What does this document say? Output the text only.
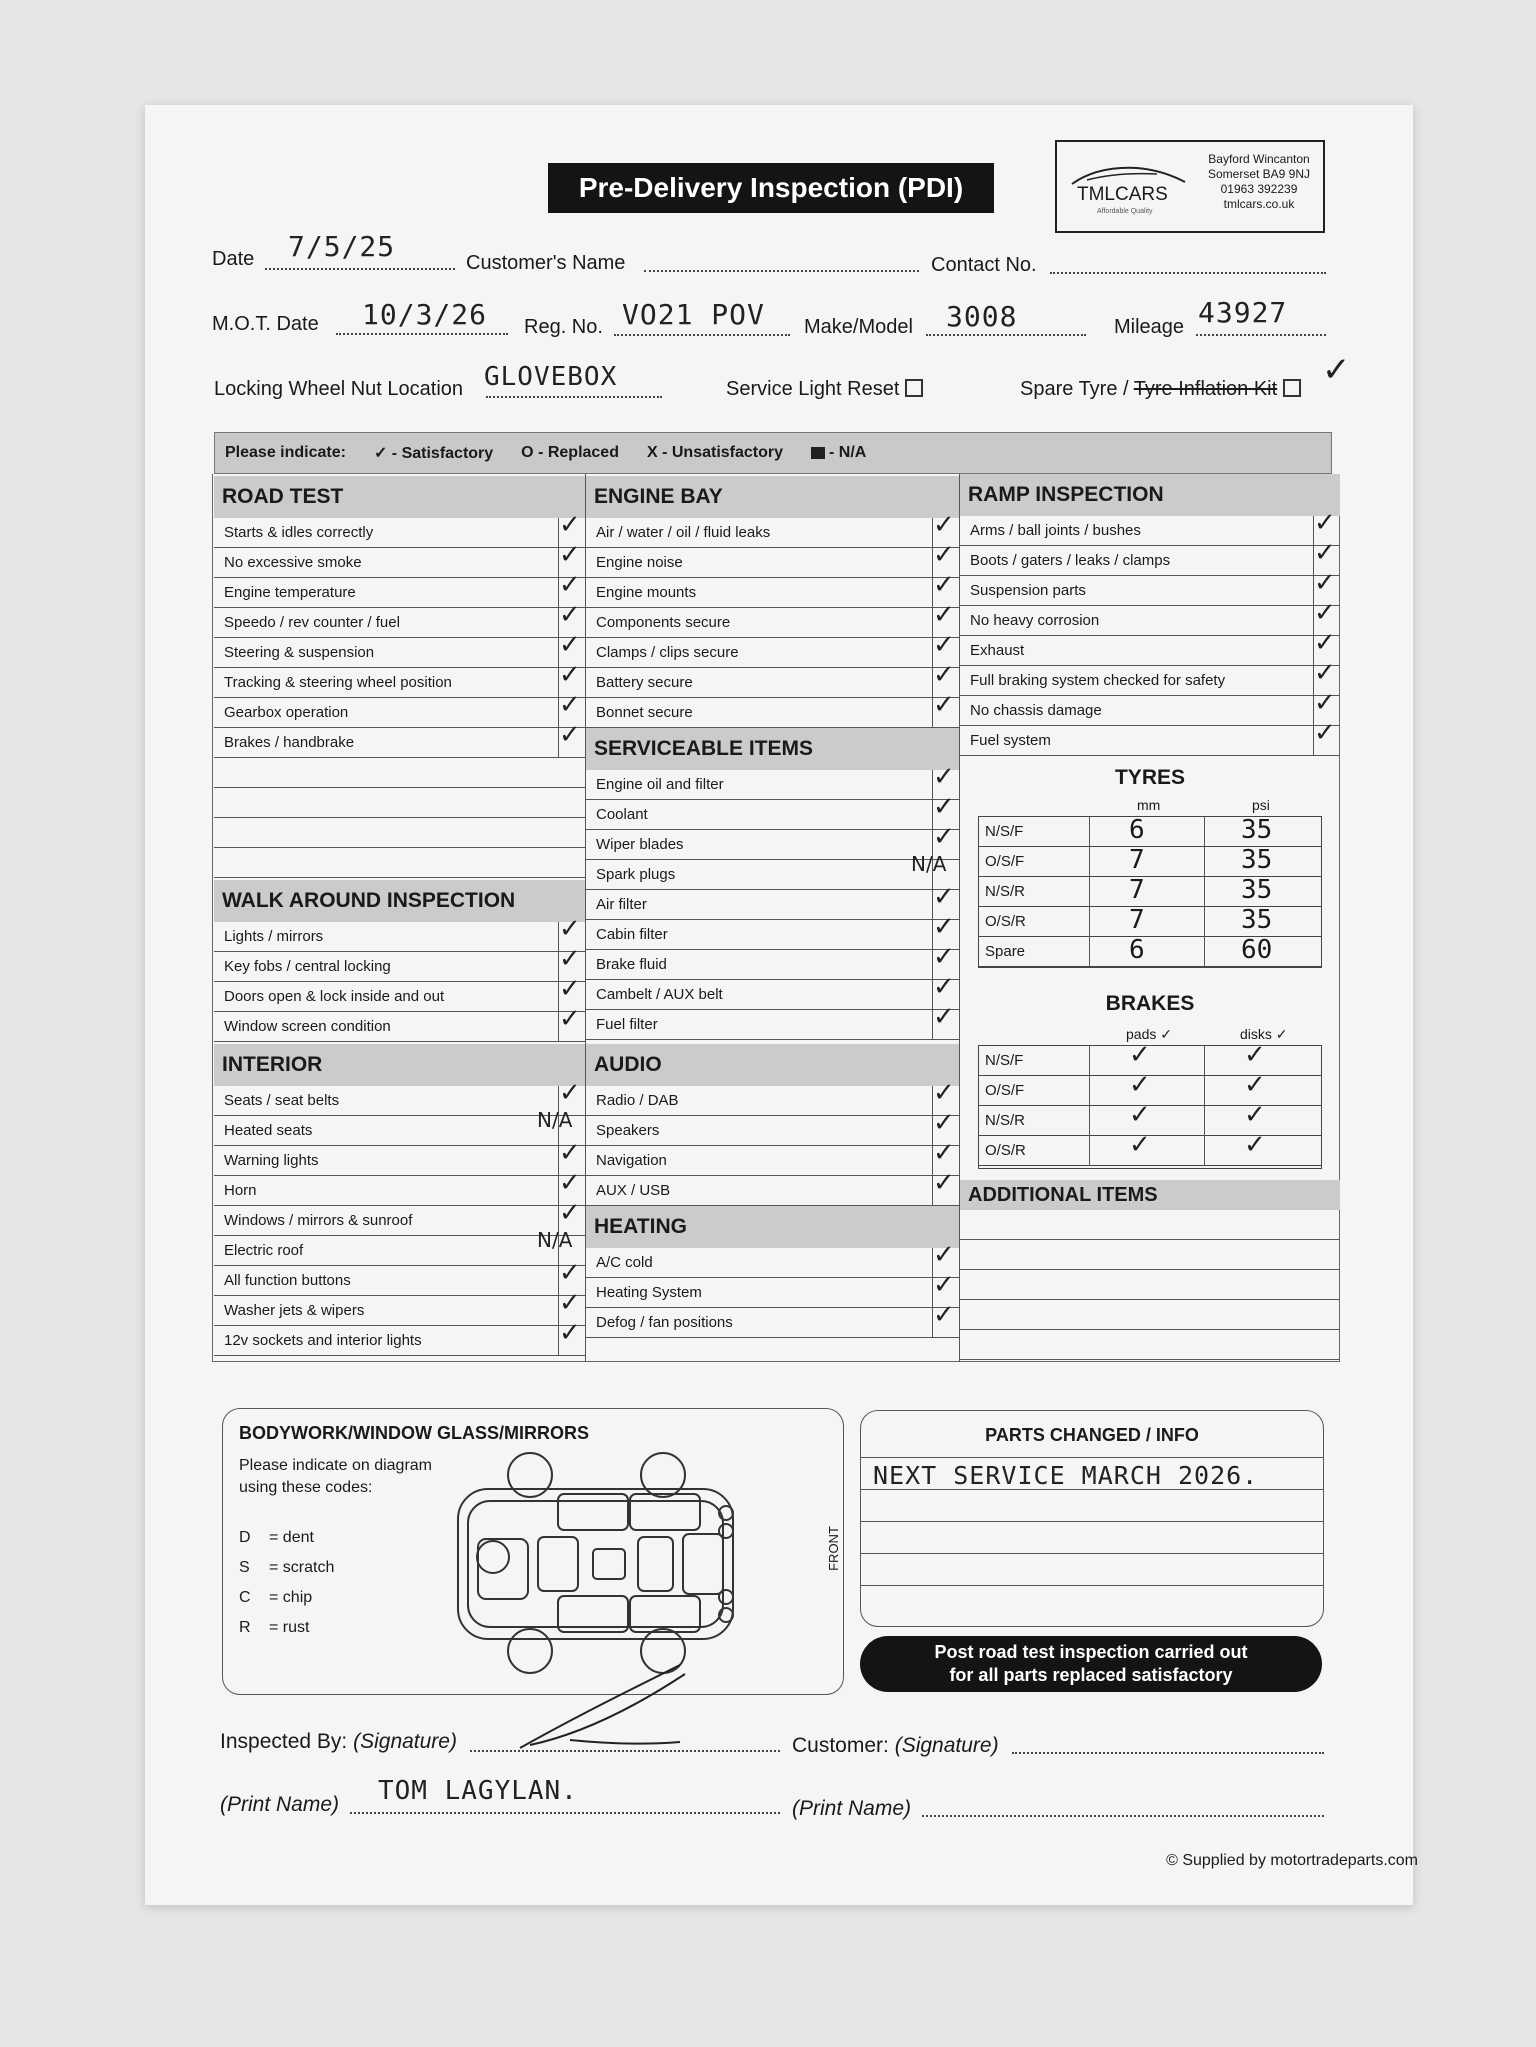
Pre-Delivery Inspection (PDI)	TMLCARS
Affordable Quality
Bayford Wincanton
Somerset BA9 9NJ
01963 392239
tmlcars.co.uk
Date 7/5/25	Customer's Name	Contact No.
M.O.T. Date 10/3/26 Reg. No. VO21 POV Make/Model 3008	Mileage 43927
Locking Wheel Nut Location GLOVEBOX	Service Light Reset	Spare Tyre / Tyre Inflation Kit	✓
Please indicate: ✓ - Satisfactory O - Replaced X - Unsatisfactory	- N/A
ROAD TEST
Starts & idles correctly	✓
No excessive smoke	✓
Engine temperature	✓
Speedo / rev counter / fuel	✓
Steering & suspension	✓
Tracking & steering wheel position	✓
Gearbox operation	✓
Brakes / handbrake	✓
WALK AROUND INSPECTION
Lights / mirrors	✓
Key fobs / central locking	✓
Doors open & lock inside and out	✓
Window screen condition	✓
INTERIOR
Seats / seat belts	✓
Heated seats	N/A
Warning lights	✓
Horn	✓
Windows / mirrors & sunroof	✓
Electric roof	N/A
All function buttons	✓
Washer jets & wipers	✓
12v sockets and interior lights	✓
ENGINE BAY
Air / water / oil / fluid leaks	✓
Engine noise	✓
Engine mounts	✓
Components secure	✓
Clamps / clips secure	✓
Battery secure	✓
Bonnet secure	✓
SERVICEABLE ITEMS
Engine oil and filter	✓
Coolant	✓
Wiper blades	✓
Spark plugs	N/A
Air filter	✓
Cabin filter	✓
Brake fluid	✓
Cambelt / AUX belt	✓
Fuel filter	✓
AUDIO
Radio / DAB	✓
Speakers	✓
Navigation	✓
AUX / USB	✓
HEATING
A/C cold	✓
Heating System	✓
Defog / fan positions	✓
RAMP INSPECTION
Arms / ball joints / bushes	✓
Boots / gaters / leaks / clamps	✓
Suspension parts	✓
No heavy corrosion	✓
Exhaust	✓
Full braking system checked for safety	✓
No chassis damage	✓
Fuel system	✓
TYRES
mm	psi
N/S/F	6	35
O/S/F	7	35
N/S/R	7	35
O/S/R	7	35
Spare	6	60
BRAKES
pads ✓	disks ✓
N/S/F	✓	✓
O/S/F	✓	✓
N/S/R	✓	✓
O/S/R	✓	✓
ADDITIONAL ITEMS
BODYWORK/WINDOW GLASS/MIRRORS
Please indicate on diagram
using these codes:
D = dent
S = scratch
C = chip
R = rust
FRONT
PARTS CHANGED / INFO
NEXT SERVICE MARCH 2026.
Post road test inspection carried out
for all parts replaced satisfactory
Inspected By: (Signature)	Customer: (Signature)
(Print Name) TOM LAGYLAN.
(Print Name)
© Supplied by motortradeparts.com
